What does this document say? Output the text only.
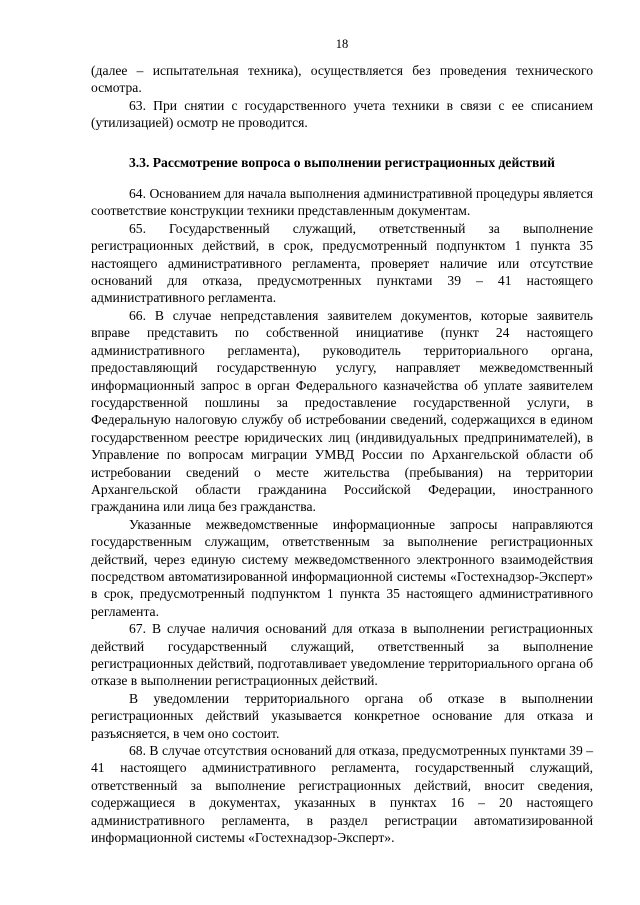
18

(далее – испытательная техника), осуществляется без проведения технического осмотра.

63. При снятии с государственного учета техники в связи с ее списанием (утилизацией) осмотр не проводится.

3.3. Рассмотрение вопроса о выполнении регистрационных действий

64. Основанием для начала выполнения административной процедуры является соответствие конструкции техники представленным документам.

65. Государственный служащий, ответственный за выполнение регистрационных действий, в срок, предусмотренный подпунктом 1 пункта 35 настоящего административного регламента, проверяет наличие или отсутствие оснований для отказа, предусмотренных пунктами 39 – 41 настоящего административного регламента.

66. В случае непредставления заявителем документов, которые заявитель вправе представить по собственной инициативе (пункт 24 настоящего административного регламента), руководитель территориального органа, предоставляющий государственную услугу, направляет межведомственный информационный запрос в орган Федерального казначейства об уплате заявителем государственной пошлины за предоставление государственной услуги, в Федеральную налоговую службу об истребовании сведений, содержащихся в едином государственном реестре юридических лиц (индивидуальных предпринимателей), в Управление по вопросам миграции УМВД России по Архангельской области об истребовании сведений о месте жительства (пребывания) на территории Архангельской области гражданина Российской Федерации, иностранного гражданина или лица без гражданства.

Указанные межведомственные информационные запросы направляются государственным служащим, ответственным за выполнение регистрационных действий, через единую систему межведомственного электронного взаимодействия посредством автоматизированной информационной системы «Гостехнадзор-Эксперт» в срок, предусмотренный подпунктом 1 пункта 35 настоящего административного регламента.

67. В случае наличия оснований для отказа в выполнении регистрационных действий государственный служащий, ответственный за выполнение регистрационных действий, подготавливает уведомление территориального органа об отказе в выполнении регистрационных действий.

В уведомлении территориального органа об отказе в выполнении регистрационных действий указывается конкретное основание для отказа и разъясняется, в чем оно состоит.

68. В случае отсутствия оснований для отказа, предусмотренных пунктами 39 – 41 настоящего административного регламента, государственный служащий, ответственный за выполнение регистрационных действий, вносит сведения, содержащиеся в документах, указанных в пунктах 16 – 20 настоящего административного регламента, в раздел регистрации автоматизированной информационной системы «Гостехнадзор-Эксперт».
